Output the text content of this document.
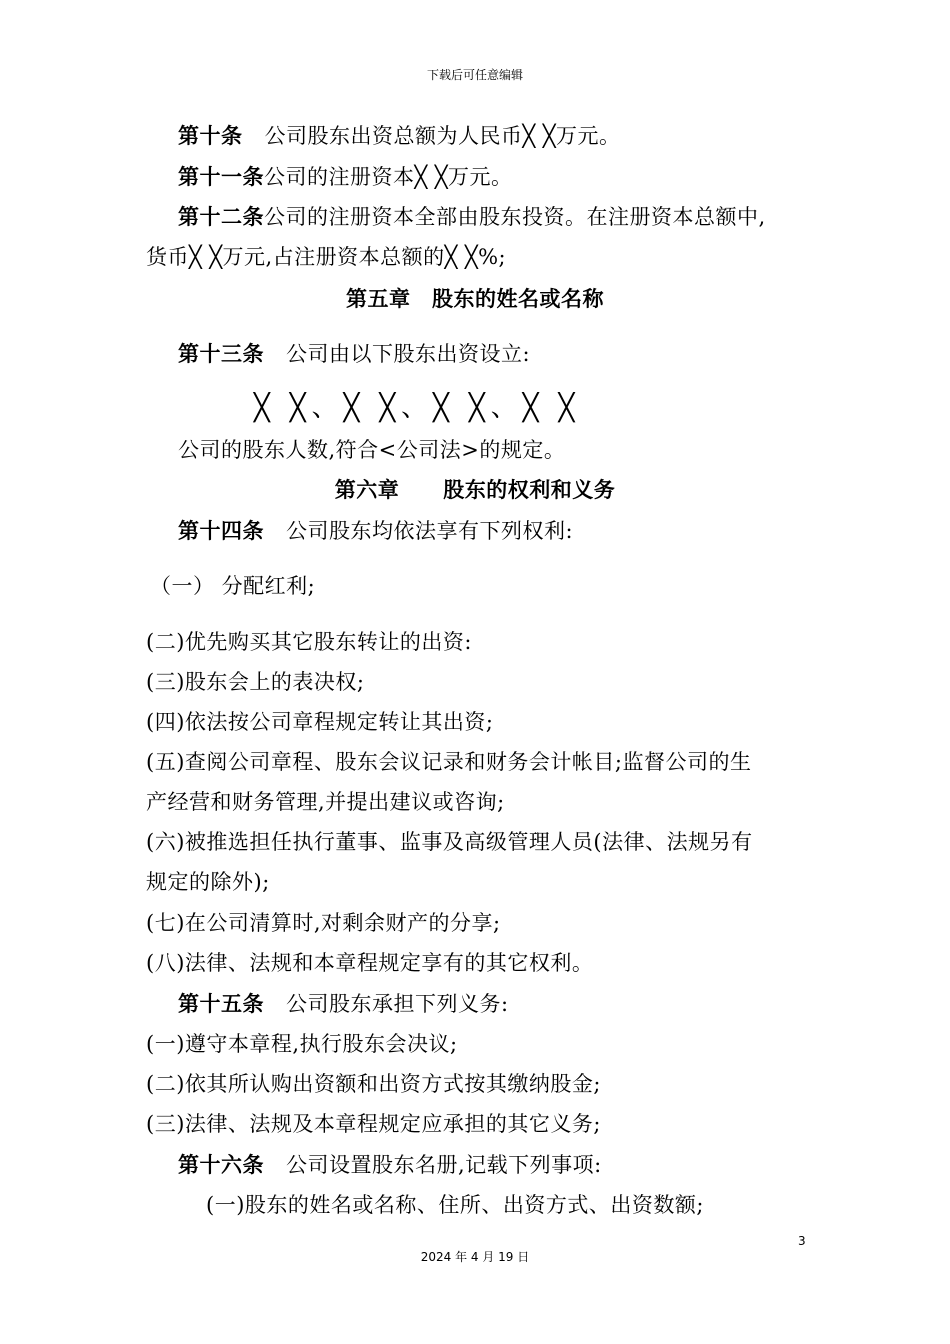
下载后可任意编辑
第十条 公司股东出资总额为人民币╳ ╳万元。
第十一条公司的注册资本╳ ╳万元。
第十二条公司的注册资本全部由股东投资。在注册资本总额中,
货币╳ ╳万元,占注册资本总额的╳ ╳%;
第五章　股东的姓名或名称
第十三条 公司由以下股东出资设立:
╳ ╳、╳ ╳、╳ ╳、╳ ╳
公司的股东人数,符合<公司法>的规定。
第六章 股东的权利和义务
第十四条 公司股东均依法享有下列权利:
（一） 分配红利;
(二)优先购买其它股东转让的出资:
(三)股东会上的表决权;
(四)依法按公司章程规定转让其出资;
(五)查阅公司章程、股东会议记录和财务会计帐目;监督公司的生
产经营和财务管理,并提出建议或咨询;
(六)被推选担任执行董事、监事及高级管理人员(法律、法规另有
规定的除外);
(七)在公司清算时,对剩余财产的分享;
(八)法律、法规和本章程规定享有的其它权利。
第十五条 公司股东承担下列义务:
(一)遵守本章程,执行股东会决议;
(二)依其所认购出资额和出资方式按其缴纳股金;
(三)法律、法规及本章程规定应承担的其它义务;
第十六条 公司设置股东名册,记载下列事项:
(一)股东的姓名或名称、住所、出资方式、出资数额;
3
2024 年 4 月 19 日
